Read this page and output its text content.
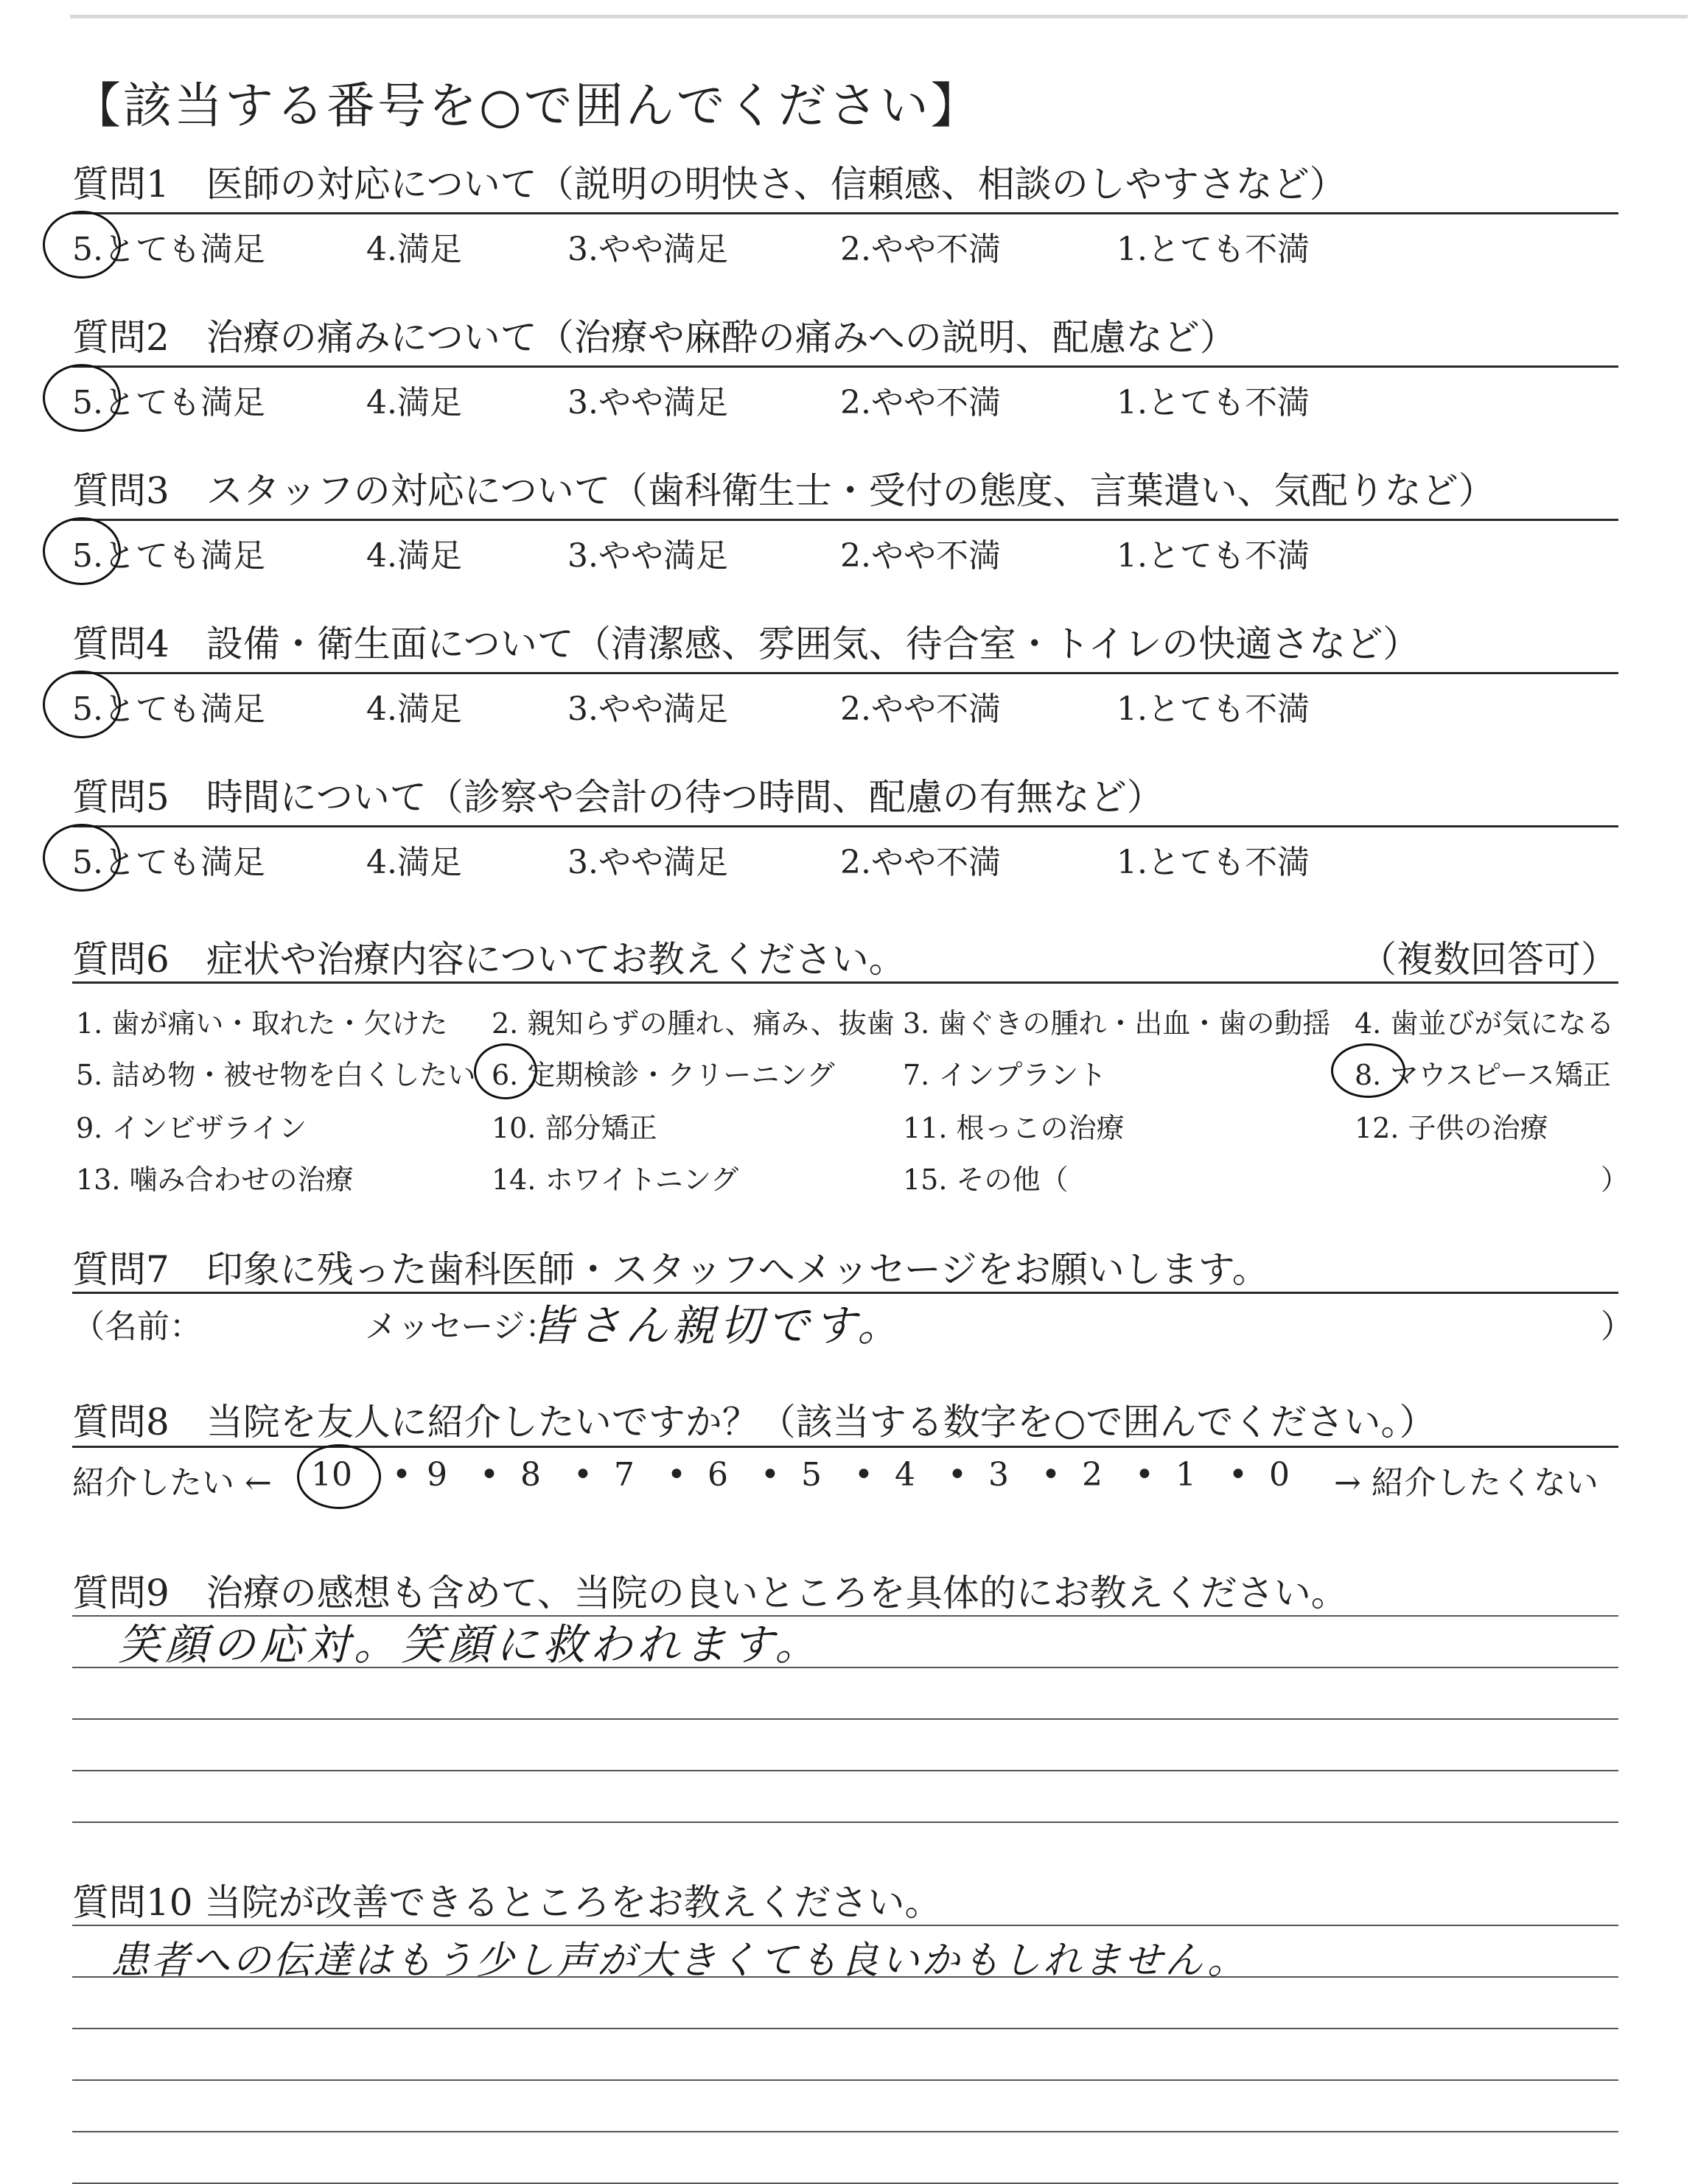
【該当する番号を○で囲んでください】
質問1　医師の対応について（説明の明快さ、信頼感、相談のしやすさなど）
5.とても満足	4.満足	3.やや満足	2.やや不満	1.とても不満
質問2　治療の痛みについて（治療や麻酔の痛みへの説明、配慮など）
5.とても満足	4.満足	3.やや満足	2.やや不満	1.とても不満
質問3　スタッフの対応について（歯科衛生士・受付の態度、言葉遣い、気配りなど）
5.とても満足	4.満足	3.やや満足	2.やや不満	1.とても不満
質問4　設備・衛生面について（清潔感、雰囲気、待合室・トイレの快適さなど）
5.とても満足	4.満足	3.やや満足	2.やや不満	1.とても不満
質問5　時間について（診察や会計の待つ時間、配慮の有無など）
5.とても満足	4.満足	3.やや満足	2.やや不満	1.とても不満
質問6　症状や治療内容についてお教えください。	（複数回答可）
1. 歯が痛い・取れた・欠けた 2. 親知らずの腫れ、痛み、抜歯 3. 歯ぐきの腫れ・出血・歯の動揺 4. 歯並びが気になる
5. 詰め物・被せ物を白くしたい 6. 定期検診・クリーニング 7. インプラント	8. マウスピース矯正
9. インビザライン	10. 部分矯正	11. 根っこの治療	12. 子供の治療
13. 噛み合わせの治療	14. ホワイトニング	15. その他（	）
質問7　印象に残った歯科医師・スタッフへメッセージをお願いします。
（名前：	メッセージ：
皆さん親切です。	）
質問8　当院を友人に紹介したいですか？（該当する数字を○で囲んでください。）
紹介したい ← 10 • 9 • 8 • 7 • 6 • 5 • 4 • 3 • 2 • 1 • 0 → 紹介したくない
質問9　治療の感想も含めて、当院の良いところを具体的にお教えください。
笑顔の応対。笑顔に救われます。
質問10 当院が改善できるところをお教えください。
患者への伝達はもう少し声が大きくても良いかもしれません。
